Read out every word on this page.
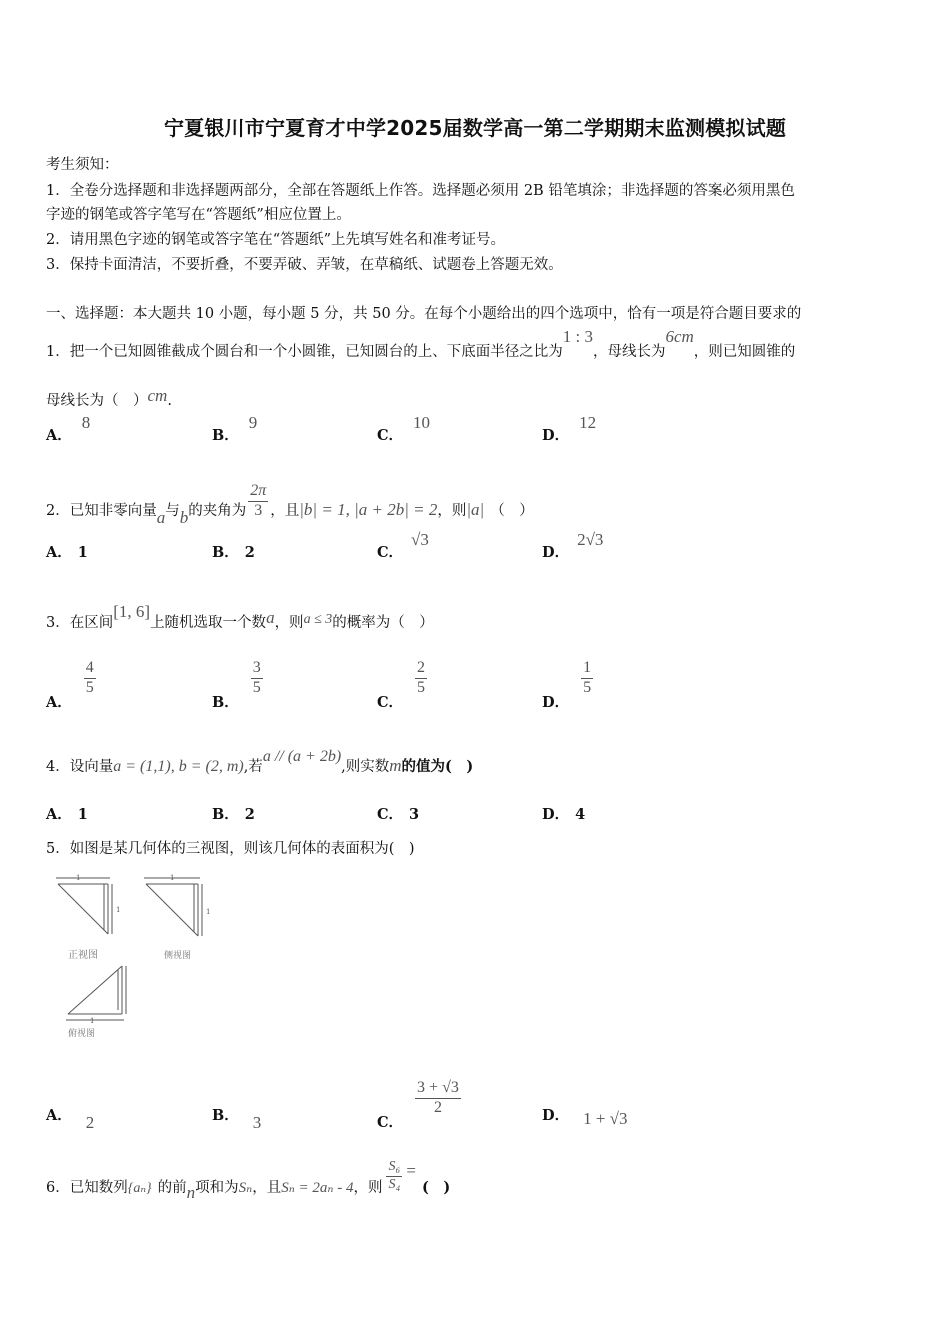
宁夏银川市宁夏育才中学2025届数学高一第二学期期末监测模拟试题
考生须知：
1．全卷分选择题和非选择题两部分，全部在答题纸上作答。选择题必须用 2B 铅笔填涂；非选择题的答案必须用黑色
字迹的钢笔或答字笔写在“答题纸”相应位置上。
2．请用黑色字迹的钢笔或答字笔在“答题纸”上先填写姓名和准考证号。
3．保持卡面清洁，不要折叠，不要弄破、弄皱，在草稿纸、试题卷上答题无效。
一、选择题：本大题共 10 小题，每小题 5 分，共 50 分。在每个小题给出的四个选项中，恰有一项是符合题目要求的
1．把一个已知圆锥截成个圆台和一个小圆锥，已知圆台的上、下底面半径之比为1 : 3，母线长为6cm，则已知圆锥的
母线长为（　）cm.
A．8
B．9
C．10
D．12
2．已知非零向量a与b的夹角为 $\frac{2\pi}{3}$ ，且|b| = 1, |a + 2b| = 2，则|a| （　）
A． 1	B． 2	C．√3
D．2√3
3．在区间[1, 6]上随机选取一个数a，则a ≤ 3的概率为（　）
A．
$\frac{4}{5}$
B．
$\frac{3}{5}$
C．
$\frac{2}{5}$
D．
$\frac{1}{5}$
4．设向量a = (1,1), b = (2, m),若a // (a + 2b),则实数m的值为(　)
A． 1	B． 2	C． 3	D． 4
5．如图是某几何体的三视图，则该几何体的表面积为(　)
1
1
正视图
1
1
侧视图
1
俯视图
A． 2	B． 3	C．
$\frac{3 + √3}{2}$	D． 1 + √3
6．已知数列{aₙ} 的前n项和为Sₙ，且Sₙ = 2aₙ - 4，则 $\frac{\text{S₆}}{\text{S₄}}$ =(　)
